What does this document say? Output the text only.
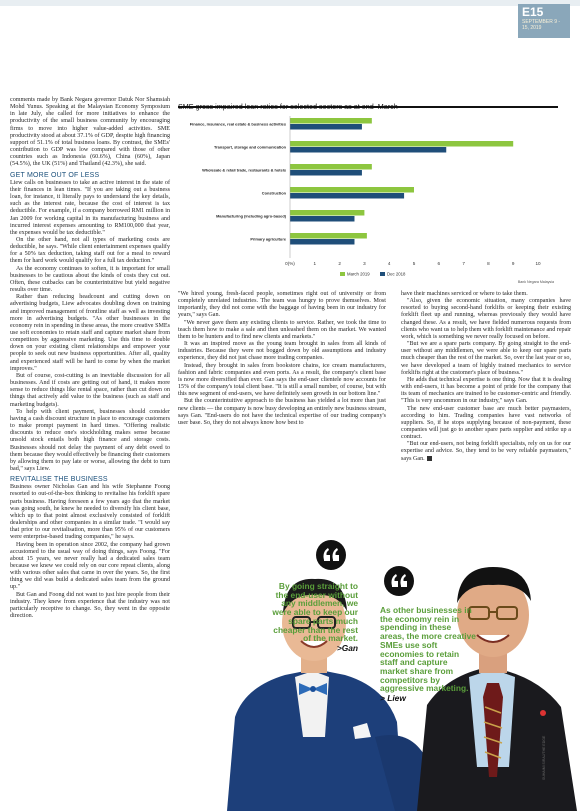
E15
SEPTEMBER 9 - 15, 2019
SME gross impaired loan ratios for selected sectors as at end–March
Finance, insurance, real estate & business activities
Transport, storage and communication
Wholesale & retail trade, restaurants & hotels
Construction
Manufacturing (including agro-based)
Primary agriculture
0(%)	1	2	3	4	5	6	7	8	9	10
March 2019	Dec 2018
Bank Negara Malaysia

comments made by Bank Negara governor Datuk Nor Shamsiah Mohd Yunus. Speaking at the Malaysian Economy Symposium in late July, she called for more initiatives to enhance the productivity of the small business community by encouraging firms to move into higher value-added activities. SME productivity stood at about 37.1% of GDP, despite high financing support of 51.1% of total business loans. By contrast, the SMEs' contribution to GDP was low compared with those of other countries such as Indonesia (60.6%), China (60%), Japan (54.5%), the UK (51%) and Thailand (42.3%), she said.

GET MORE OUT OF LESS

Liew calls on businesses to take an active interest in the state of their finances in lean times. "If you are taking out a business loan, for instance, it literally pays to understand the key details, such as the interest rate, because the cost of interest is tax deductible. For example, if a company borrowed RM1 million in Jan 2009 for working capital in its manufacturing business and incurred interest expenses amounting to RM100,000 that year, the expenses would be tax deductible."

On the other hand, not all types of marketing costs are deductible, he says. "While client entertainment expenses qualify for a 50% tax deduction, taking staff out for a meal to reward them for hard work would qualify for a full tax deduction."

As the economy continues to soften, it is important for small businesses to be cautious about the kinds of costs they cut out. Often, these cutbacks can be counterintuitive but yield negative results over time.

Rather than reducing headcount and cutting down on advertising budgets, Liew advocates doubling down on training and improved management of frontline staff as well as investing more in advertising budgets. "As other businesses in the economy rein in spending in these areas, the more creative SMEs use soft economies to retain staff and capture market share from competitors by aggressive marketing. Use this time to double down on your existing client relationships and empower your people to seek out new business opportunities. After all, quality and experienced staff will be hard to come by when the market improves."

But of course, cost-cutting is an inevitable discussion for all businesses. And if costs are getting out of hand, it makes more sense to reduce things like rental space, rather than cut down on things that actively add value to the business (such as staff and marketing budgets).

To help with client payment, businesses should consider having a cash discount structure in place to encourage customers to make prompt payment in hard times. "Offering realistic discounts to reduce one's stockholding makes sense because unsold stock entails both high finance and storage costs. Businesses should not delay the payment of any debt owed to them because they would effectively be financing their customers by allowing them to pay late or worse, allowing the debt to turn bad," says Liew.

REVITALISE THE BUSINESS

Business owner Nicholas Gan and his wife Stephanne Foong resorted to out-of-the-box thinking to revitalise his forklift spare parts business. Having foreseen a few years ago that the market was going south, he knew he needed to diversify his client base, which up to that point almost exclusively consisted of forklift dealerships and other companies in a similar trade. "I would say that prior to our revitalisation, more than 95% of our customers were enterprise-based trading companies," he says.

Having been in operation since 2002, the company had grown accustomed to the usual way of doing things, says Foong. "For about 15 years, we never really had a dedicated sales team because we knew we could rely on our core repeat clients, along with various other sales that came in over the years. So, the first thing we did was build a dedicated sales team from the ground up."

But Gan and Foong did not want to just hire people from their industry. They knew from experience that the industry was not particularly receptive to change. So, they went in the opposite direction.

"We hired young, fresh-faced people, sometimes right out of university or from completely unrelated industries. The team was hungry to prove themselves. Most importantly, they did not come with the baggage of having been in our industry for years," says Gan.

"We never gave them any existing clients to service. Rather, we took the time to teach them how to make a sale and then unleashed them on the market. We wanted them to be hunters and to find new clients and markets."

It was an inspired move as the young team brought in sales from all kinds of industries. Because they were not bogged down by old assumptions and industry experience, they did not just chase more trading companies.

Instead, they brought in sales from bookstore chains, ice cream manufacturers, fashion and fabric companies and even ports. As a result, the company's client base is now more diversified than ever. Gan says the end-user clientele now accounts for 15% of the company's total client base. "It is still a small number, of course, but with this new segment of end-users, we have definitely seen growth in our bottom line."

But the counterintuitive approach to the business has yielded a lot more than just new clients — the company is now busy developing an entirely new business stream, says Gan. "End-users do not have the technical expertise of our trading company's user base. So, they do not always know how best to

have their machines serviced or where to take them.

"Also, given the economic situation, many companies have resorted to buying second-hand forklifts or keeping their existing forklift fleet up and running, whereas previously they would have changed these. As a result, we have fielded numerous requests from clients who want us to help them with forklift maintenance and repair work, which is something we never really focused on before.

"But we are a spare parts company. By going straight to the end-user without any middlemen, we were able to keep our spare parts much cheaper than the rest of the market. So, over the last year or so, we have developed a team of highly trained mechanics to service forklifts right at the customer's place of business."

He adds that technical expertise is one thing. Now that it is dealing with end-users, it has become a point of pride for the company that its team of mechanics are trained to be customer-centric and friendly. "This is very uncommon in our industry," says Gan.

The new end-user customer base are much better paymasters, according to him. Trading companies have vast networks of suppliers. So, if he stops supplying because of non-payment, these companies will just go to another spare parts supplier and strike up a contract.

"But our end-users, not being forklift specialists, rely on us for our expertise and advice. So, they tend to be very reliable paymasters," says Gan.

SUHAIMI SIRAJ/THE EDGE
By going straight to the end-user without any middlemen, we were able to keep our spare parts much cheaper than the rest of the market.
>Gan
As other businesses in the economy rein in spending in these areas, the more creative SMEs use soft economies to retain staff and capture market share from competitors by aggressive marketing.
> Liew
